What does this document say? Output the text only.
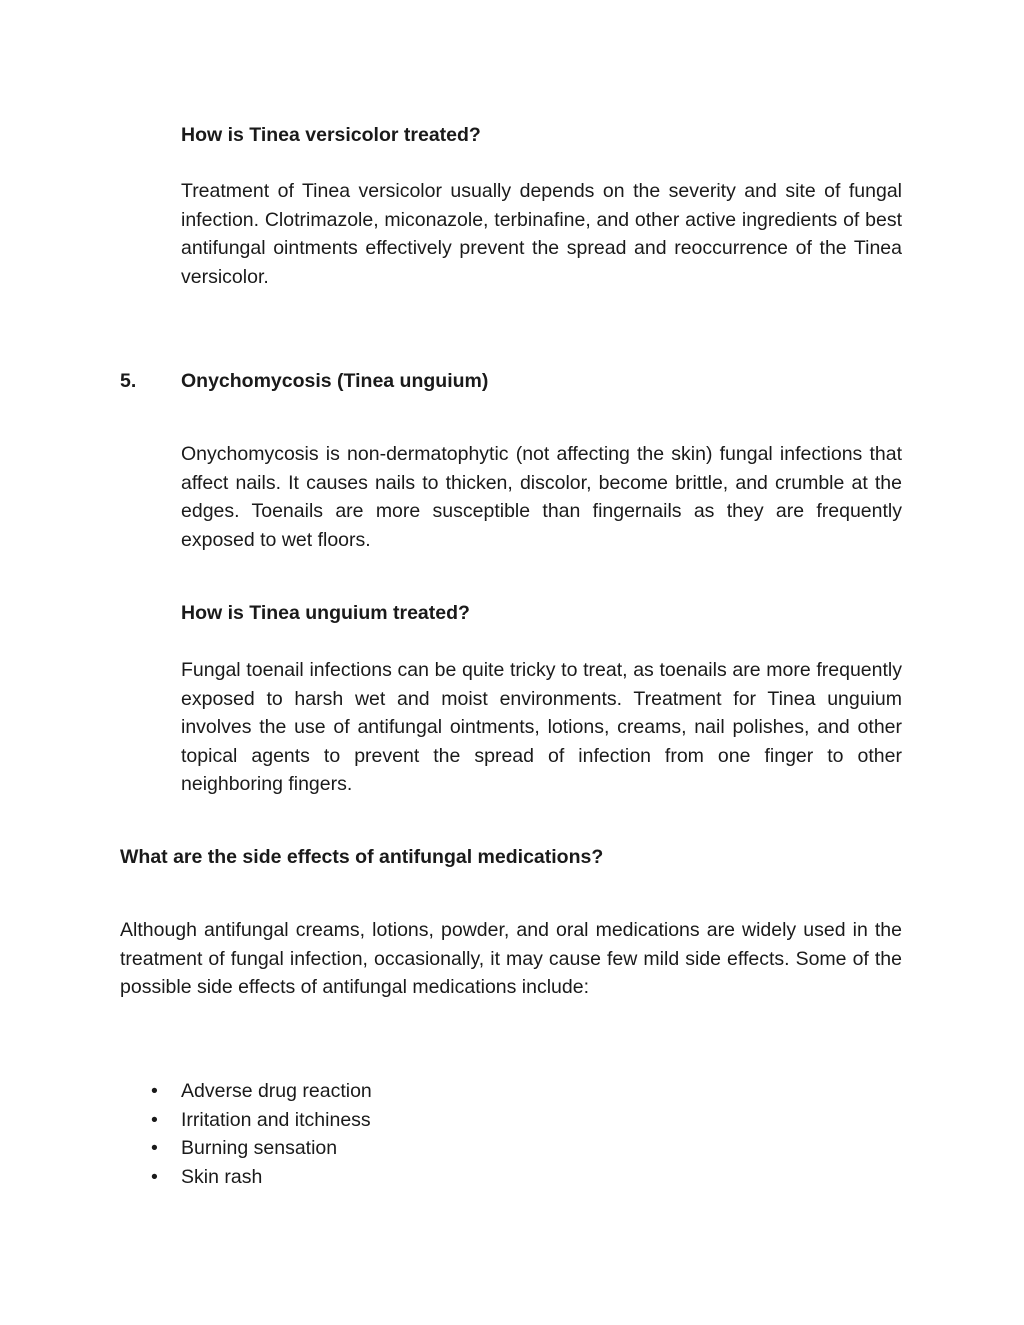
How is Tinea versicolor treated?

Treatment of Tinea versicolor usually depends on the severity and site of fungal infection. Clotrimazole, miconazole, terbinafine, and other active ingredients of best antifungal ointments effectively prevent the spread and reoccurrence of the Tinea versicolor.

5. Onychomycosis (Tinea unguium)

Onychomycosis is non-dermatophytic (not affecting the skin) fungal infections that affect nails. It causes nails to thicken, discolor, become brittle, and crumble at the edges. Toenails are more susceptible than fingernails as they are frequently exposed to wet floors.

How is Tinea unguium treated?

Fungal toenail infections can be quite tricky to treat, as toenails are more frequently exposed to harsh wet and moist environments. Treatment for Tinea unguium involves the use of antifungal ointments, lotions, creams, nail polishes, and other topical agents to prevent the spread of infection from one finger to other neighboring fingers.

What are the side effects of antifungal medications?

Although antifungal creams, lotions, powder, and oral medications are widely used in the treatment of fungal infection, occasionally, it may cause few mild side effects. Some of the possible side effects of antifungal medications include:

• Adverse drug reaction
• Irritation and itchiness
• Burning sensation
• Skin rash
